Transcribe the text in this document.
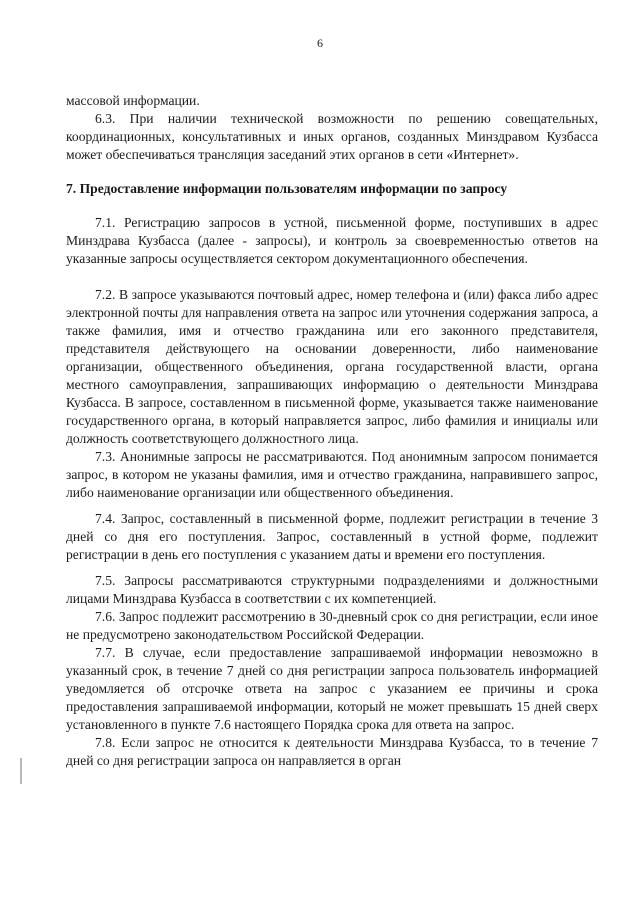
6

массовой информации.

6.3. При наличии технической возможности по решению совещательных, координационных, консультативных и иных органов, созданных Минздравом Кузбасса может обеспечиваться трансляция заседаний этих органов в сети «Интернет».

7. Предоставление информации пользователям информации по запросу

7.1. Регистрацию запросов в устной, письменной форме, поступивших в адрес Минздрава Кузбасса (далее - запросы), и контроль за своевременностью ответов на указанные запросы осуществляется сектором документационного обеспечения.

7.2. В запросе указываются почтовый адрес, номер телефона и (или) факса либо адрес электронной почты для направления ответа на запрос или уточнения содержания запроса, а также фамилия, имя и отчество гражданина или его законного представителя, представителя действующего на основании доверенности, либо наименование организации, общественного объединения, органа государственной власти, органа местного самоуправления, запрашивающих информацию о деятельности Минздрава Кузбасса. В запросе, составленном в письменной форме, указывается также наименование государственного органа, в который направляется запрос, либо фамилия и инициалы или должность соответствующего должностного лица.

7.3. Анонимные запросы не рассматриваются. Под анонимным запросом понимается запрос, в котором не указаны фамилия, имя и отчество гражданина, направившего запрос, либо наименование организации или общественного объединения.

7.4. Запрос, составленный в письменной форме, подлежит регистрации в течение 3 дней со дня его поступления. Запрос, составленный в устной форме, подлежит регистрации в день его поступления с указанием даты и времени его поступления.

7.5. Запросы рассматриваются структурными подразделениями и должностными лицами Минздрава Кузбасса в соответствии с их компетенцией.

7.6. Запрос подлежит рассмотрению в 30-дневный срок со дня регистрации, если иное не предусмотрено законодательством Российской Федерации.

7.7. В случае, если предоставление запрашиваемой информации невозможно в указанный срок, в течение 7 дней со дня регистрации запроса пользователь информацией уведомляется об отсрочке ответа на запрос с указанием ее причины и срока предоставления запрашиваемой информации, который не может превышать 15 дней сверх установленного в пункте 7.6 настоящего Порядка срока для ответа на запрос.

7.8. Если запрос не относится к деятельности Минздрава Кузбасса, то в течение 7 дней со дня регистрации запроса он направляется в орган
